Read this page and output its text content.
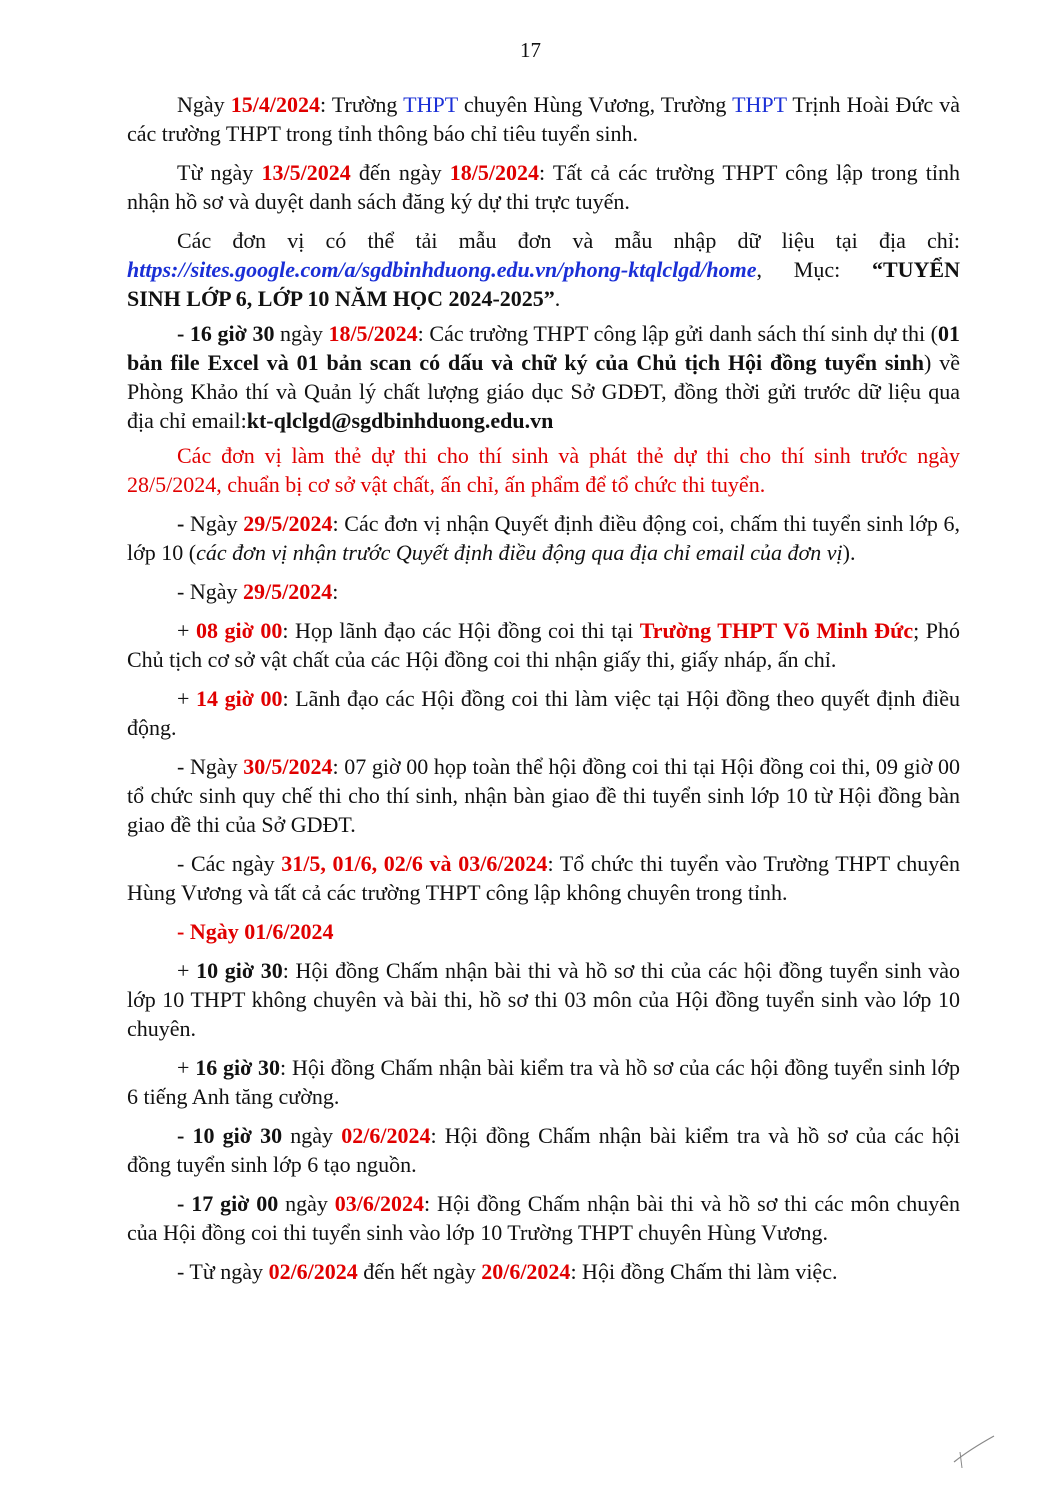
17

Ngày 15/4/2024: Trường THPT chuyên Hùng Vương, Trường THPT Trịnh Hoài Đức và các trường THPT trong tỉnh thông báo chỉ tiêu tuyển sinh.

Từ ngày 13/5/2024 đến ngày 18/5/2024: Tất cả các trường THPT công lập trong tỉnh nhận hồ sơ và duyệt danh sách đăng ký dự thi trực tuyến.

Các đơn vị có thể tải mẫu đơn và mẫu nhập dữ liệu tại địa chỉ: https://sites.google.com/a/sgdbinhduong.edu.vn/phong-ktqlclgd/home, Mục: “TUYỂN SINH LỚP 6, LỚP 10 NĂM HỌC 2024-2025”.

- 16 giờ 30 ngày 18/5/2024: Các trường THPT công lập gửi danh sách thí sinh dự thi (01 bản file Excel và 01 bản scan có dấu và chữ ký của Chủ tịch Hội đồng tuyển sinh) về Phòng Khảo thí và Quản lý chất lượng giáo dục Sở GDĐT, đồng thời gửi trước dữ liệu qua địa chỉ email:kt-qlclgd@sgdbinhduong.edu.vn

Các đơn vị làm thẻ dự thi cho thí sinh và phát thẻ dự thi cho thí sinh trước ngày 28/5/2024, chuẩn bị cơ sở vật chất, ấn chỉ, ấn phẩm để tổ chức thi tuyển.

- Ngày 29/5/2024: Các đơn vị nhận Quyết định điều động coi, chấm thi tuyển sinh lớp 6, lớp 10 (các đơn vị nhận trước Quyết định điều động qua địa chỉ email của đơn vị).

- Ngày 29/5/2024:

+ 08 giờ 00: Họp lãnh đạo các Hội đồng coi thi tại Trường THPT Võ Minh Đức; Phó Chủ tịch cơ sở vật chất của các Hội đồng coi thi nhận giấy thi, giấy nháp, ấn chỉ.

+ 14 giờ 00: Lãnh đạo các Hội đồng coi thi làm việc tại Hội đồng theo quyết định điều động.

- Ngày 30/5/2024: 07 giờ 00 họp toàn thể hội đồng coi thi tại Hội đồng coi thi, 09 giờ 00 tổ chức sinh quy chế thi cho thí sinh, nhận bàn giao đề thi tuyển sinh lớp 10 từ Hội đồng bàn giao đề thi của Sở GDĐT.

- Các ngày 31/5, 01/6, 02/6 và 03/6/2024: Tổ chức thi tuyển vào Trường THPT chuyên Hùng Vương và tất cả các trường THPT công lập không chuyên trong tỉnh.

- Ngày 01/6/2024

+ 10 giờ 30: Hội đồng Chấm nhận bài thi và hồ sơ thi của các hội đồng tuyển sinh vào lớp 10 THPT không chuyên và bài thi, hồ sơ thi 03 môn của Hội đồng tuyển sinh vào lớp 10 chuyên.

+ 16 giờ 30: Hội đồng Chấm nhận bài kiểm tra và hồ sơ của các hội đồng tuyển sinh lớp 6 tiếng Anh tăng cường.

- 10 giờ 30 ngày 02/6/2024: Hội đồng Chấm nhận bài kiểm tra và hồ sơ của các hội đồng tuyển sinh lớp 6 tạo nguồn.

- 17 giờ 00 ngày 03/6/2024: Hội đồng Chấm nhận bài thi và hồ sơ thi các môn chuyên của Hội đồng coi thi tuyển sinh vào lớp 10 Trường THPT chuyên Hùng Vương.

- Từ ngày 02/6/2024 đến hết ngày 20/6/2024: Hội đồng Chấm thi làm việc.
